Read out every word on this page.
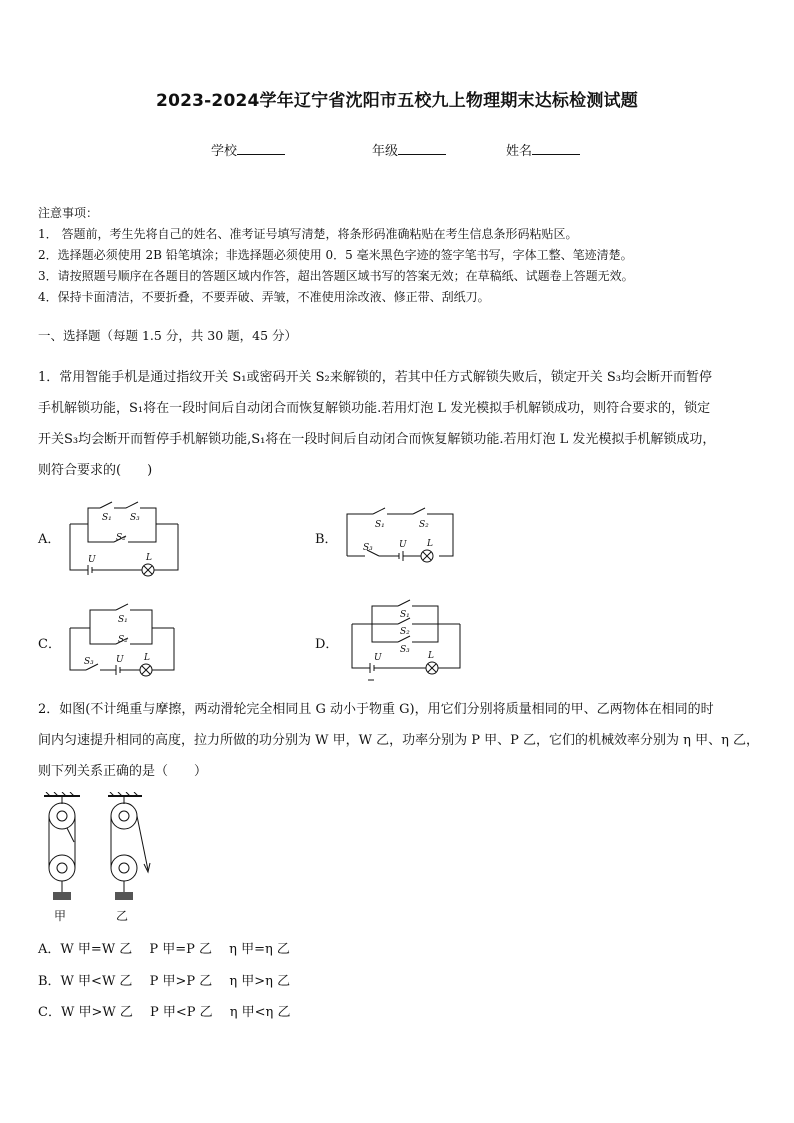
2023-2024学年辽宁省沈阳市五校九上物理期末达标检测试题
学校	年级	姓名
注意事项：
1． 答题前，考生先将自己的姓名、准考证号填写清楚，将条形码准确粘贴在考生信息条形码粘贴区。
2．选择题必须使用 2B 铅笔填涂；非选择题必须使用 0．5 毫米黑色字迹的签字笔书写，字体工整、笔迹清楚。
3．请按照题号顺序在各题目的答题区域内作答，超出答题区域书写的答案无效；在草稿纸、试题卷上答题无效。
4．保持卡面清洁，不要折叠，不要弄破、弄皱，不准使用涂改液、修正带、刮纸刀。
一、选择题（每题 1.5 分，共 30 题，45 分）
1．常用智能手机是通过指纹开关 S₁或密码开关 S₂来解锁的，若其中任方式解锁失败后，锁定开关 S₃均会断开而暂停
手机解锁功能，S₁将在一段时间后自动闭合而恢复解锁功能.若用灯泡 L 发光模拟手机解锁成功，则符合要求的，锁定
开关S₃均会断开而暂停手机解锁功能,S₁将在一段时间后自动闭合而恢复解锁功能.若用灯泡 L 发光模拟手机解锁成功，
则符合要求的(　　)
A．
S₁ S₃
S₂
U	L
B．
S₁	S₂
S₃	U L
C．
S₁
S₂
S₃ U L
D．
S₁
S₂
S₃
U	L
2．如图(不计绳重与摩擦，两动滑轮完全相同且 G 动小于物重 G)，用它们分别将质量相同的甲、乙两物体在相同的时
间内匀速提升相同的高度，拉力所做的功分别为 W 甲，W 乙，功率分别为 P 甲、P 乙，它们的机械效率分别为 η 甲、η 乙，
则下列关系正确的是（　　）
甲	乙
A．W 甲=W 乙　 P 甲=P 乙　 η 甲=η 乙
B．W 甲<W 乙　 P 甲>P 乙　 η 甲>η 乙
C．W 甲>W 乙　 P 甲<P 乙　 η 甲<η 乙
